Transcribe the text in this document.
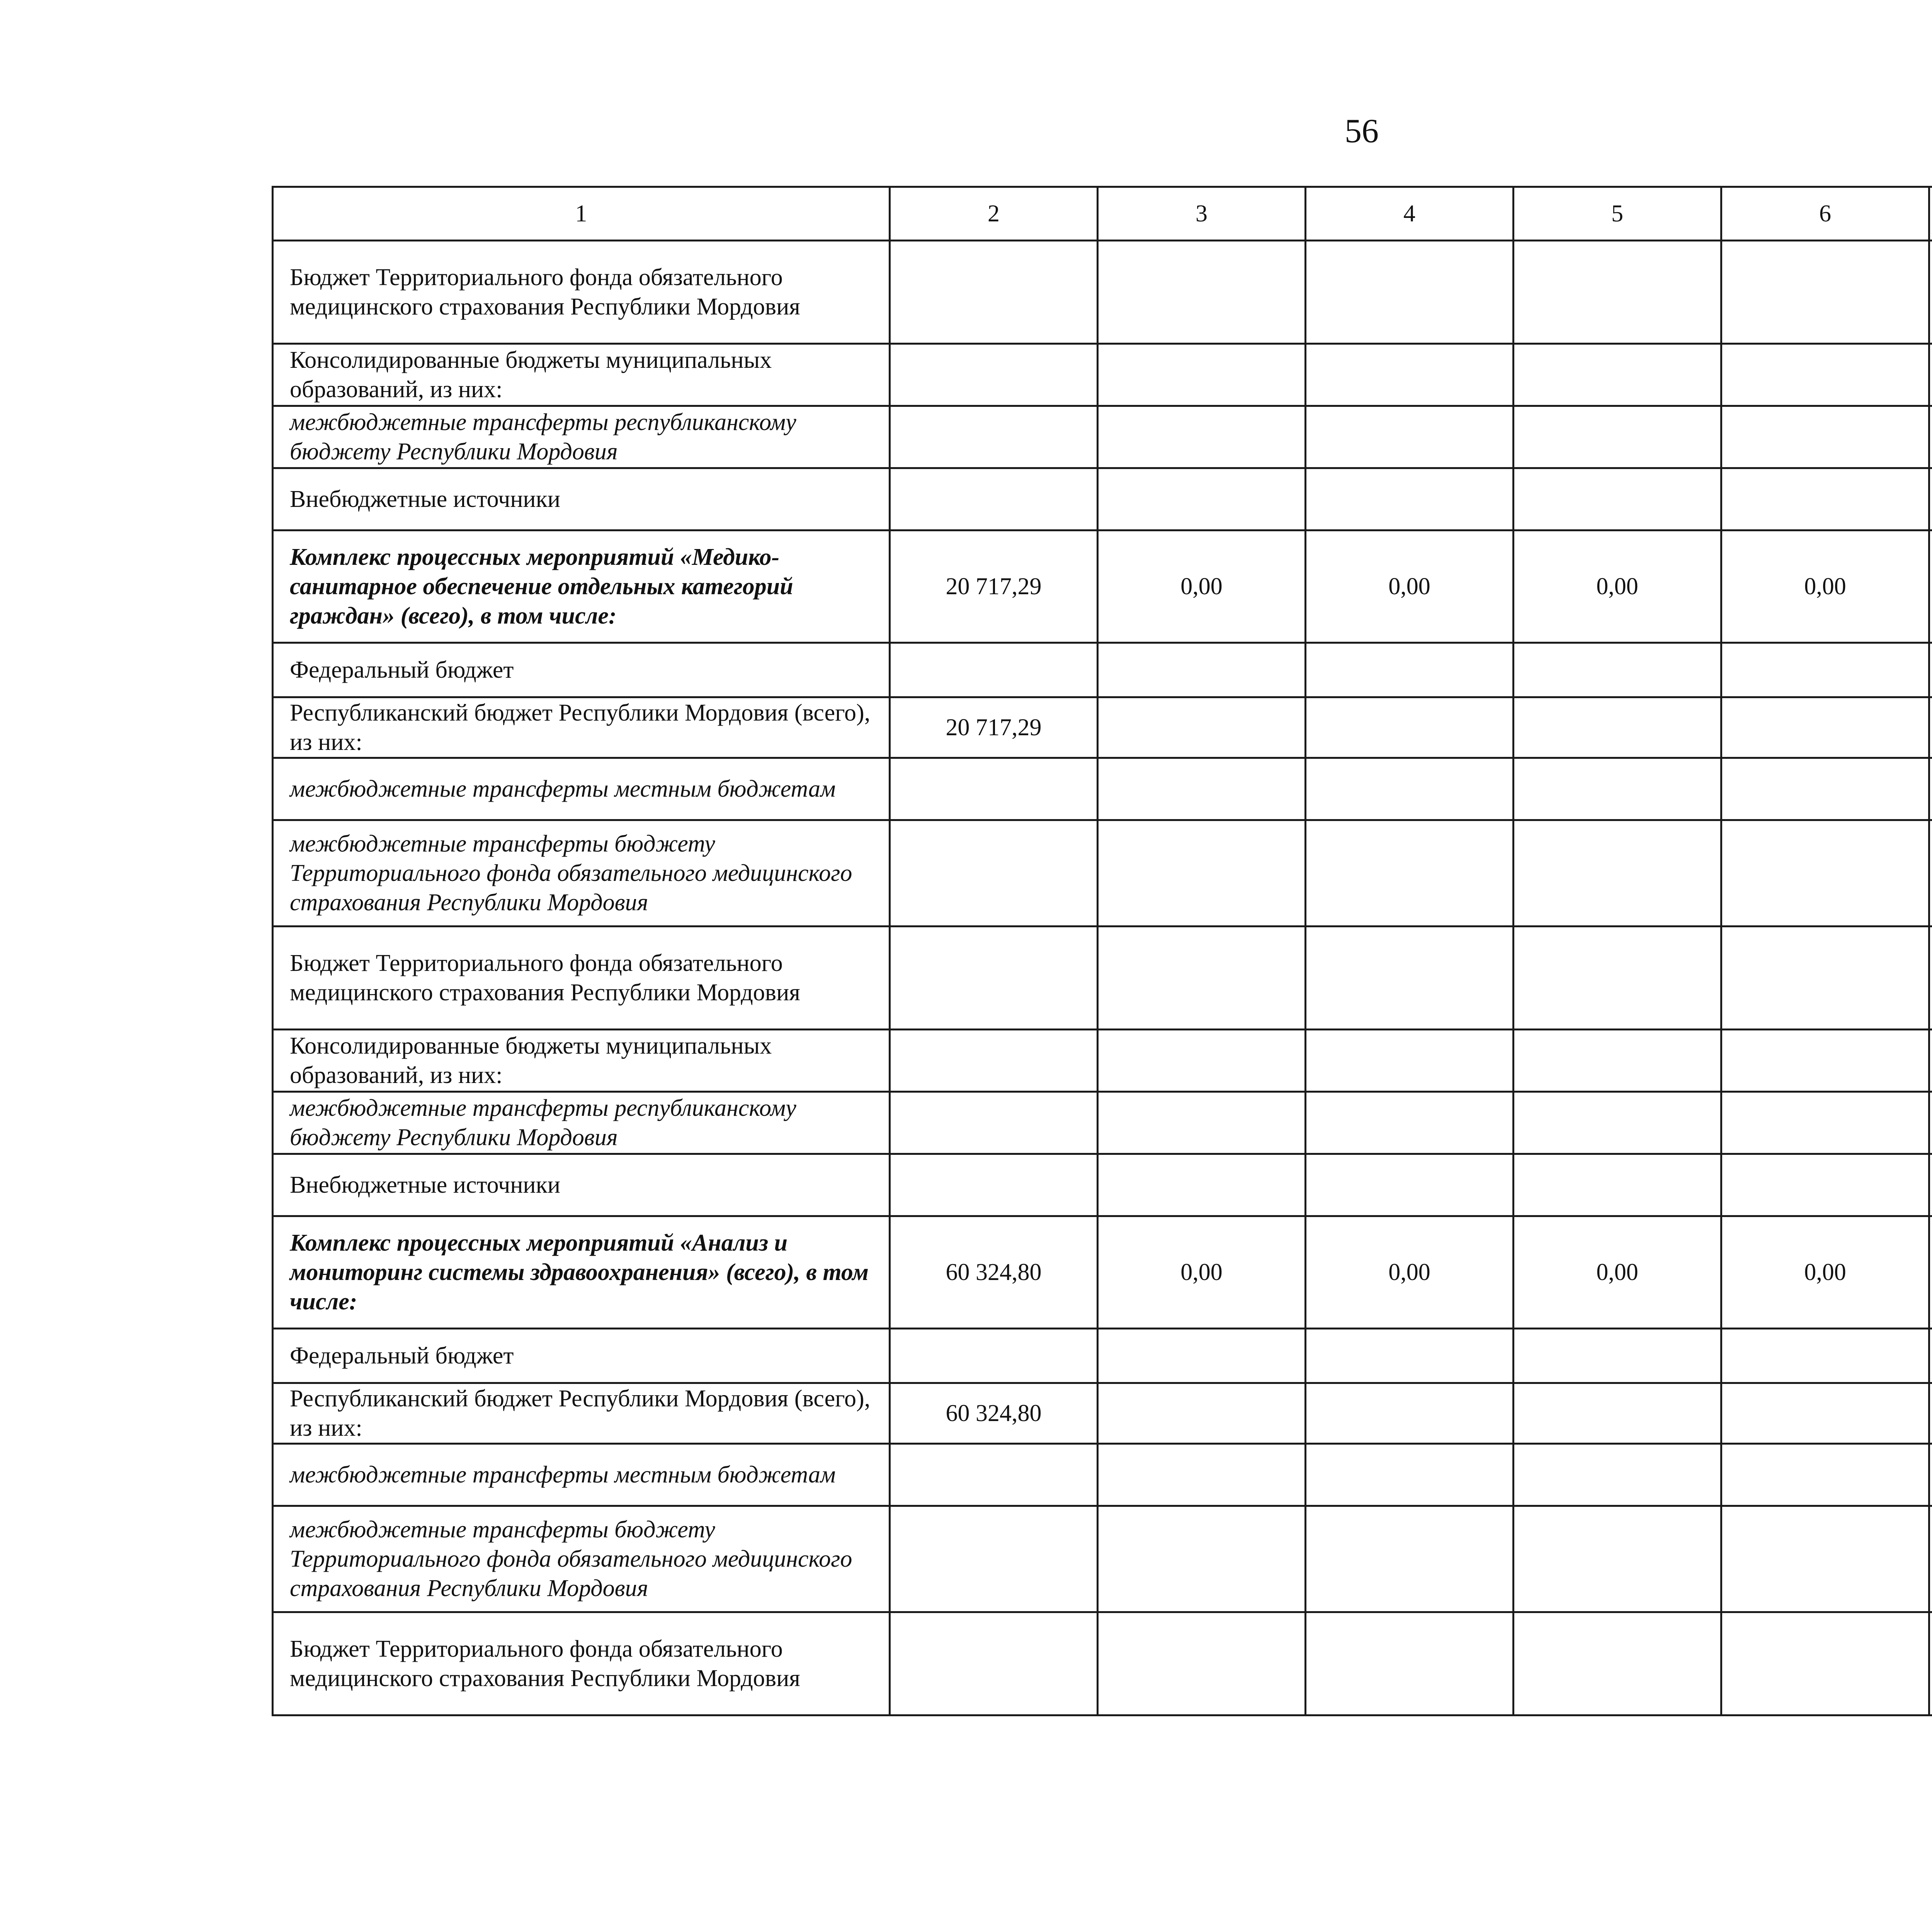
56
1	2	3	4	5	6			
Бюджет Территориального фонда обязательного медицинского страхования Республики Мордовия								
Консолидированные бюджеты муниципальных образований, из них:								
межбюджетные трансферты республиканскому бюджету Республики Мордовия								
Внебюджетные источники								
Комплекс процессных мероприятий «Медико-санитарное обеспечение отдельных категорий граждан» (всего), в том числе:	20 717,29	0,00	0,00	0,00	0,00			
Федеральный бюджет								
Республиканский бюджет Республики Мордовия (всего), из них:	20 717,29							
межбюджетные трансферты местным бюджетам								
межбюджетные трансферты бюджету Территориального фонда обязательного медицинского страхования Республики Мордовия								
Бюджет Территориального фонда обязательного медицинского страхования Республики Мордовия								
Консолидированные бюджеты муниципальных образований, из них:								
межбюджетные трансферты республиканскому бюджету Республики Мордовия								
Внебюджетные источники								
Комплекс процессных мероприятий «Анализ и мониторинг системы здравоохранения» (всего), в том числе:	60 324,80	0,00	0,00	0,00	0,00			
Федеральный бюджет								
Республиканский бюджет Республики Мордовия (всего), из них:	60 324,80							
межбюджетные трансферты местным бюджетам								
межбюджетные трансферты бюджету Территориального фонда обязательного медицинского страхования Республики Мордовия								
Бюджет Территориального фонда обязательного медицинского страхования Республики Мордовия								
